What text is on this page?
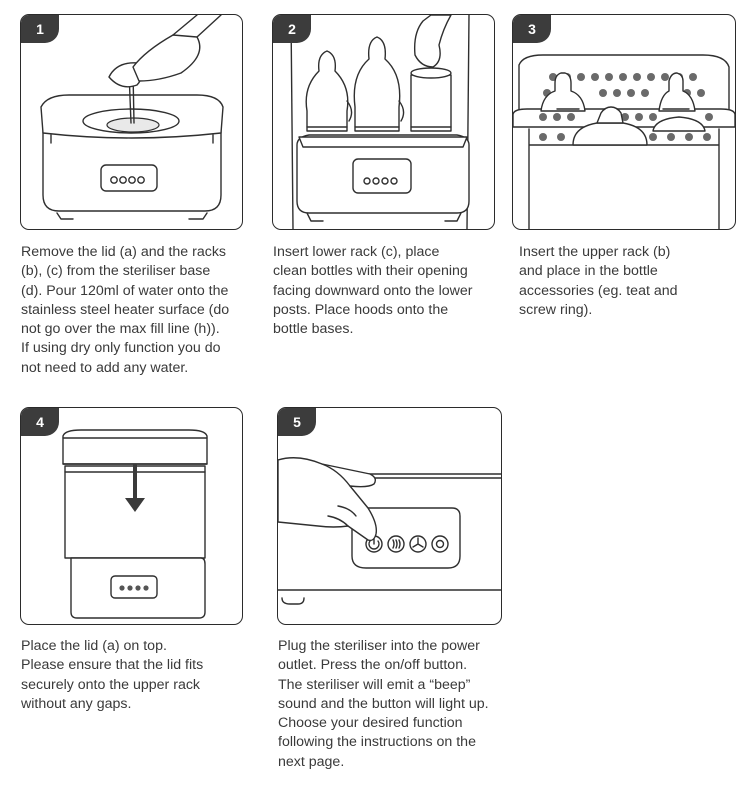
1

Remove the lid (a) and the racks
(b), (c) from the steriliser base
(d). Pour 120ml of water onto the
stainless steel heater surface (do
not go over the max fill line (h)).
If using dry only function you do
not need to add any water.

2

Insert lower rack (c), place
clean bottles with their opening
facing downward onto the lower
posts. Place hoods onto the
bottle bases.

3

Insert the upper rack (b)
and place in the bottle
accessories (eg. teat and
screw ring).

4

Place the lid (a) on top.
Please ensure that the lid fits
securely onto the upper rack
without any gaps.

5

Plug the steriliser into the power
outlet. Press the on/off button.
The steriliser will emit a “beep”
sound and the button will light up.
Choose your desired function
following the instructions on the
next page.
